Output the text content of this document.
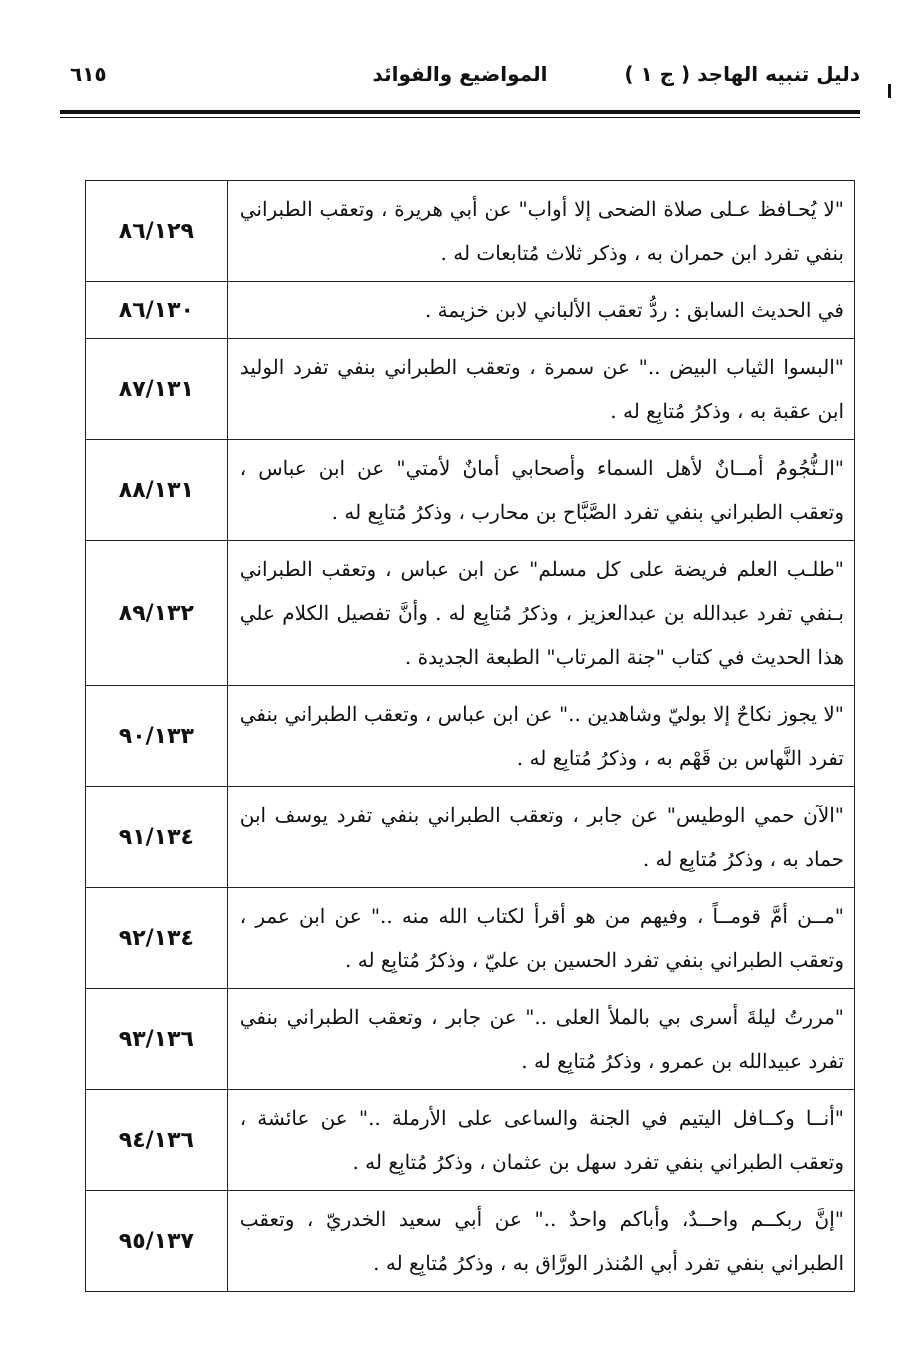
دليل تنبيه الهاجد ( ج ١ )
المواضيع والفوائد
٦١٥
"لا يُحـافظ عـلى صلاة الضحى إلا أواب" عن أبي هريرة ، وتعقب الطبراني بنفي تفرد ابن حمران به ، وذكر ثلاث مُتابعات له .	٨٦/١٢٩
في الحديث السابق : ردُّ تعقب الألباني لابن خزيمة .	٨٦/١٣٠
"البسوا الثياب البيض .." عن سمرة ، وتعقب الطبراني بنفي تفرد الوليد ابن عقبة به ، وذكرُ مُتابِع له .	٨٧/١٣١
"الـنُّجُومُ أمــانٌ لأهل السماء وأصحابي أمانٌ لأمتي" عن ابن عباس ، وتعقب الطبراني بنفي تفرد الصَّبَّاح بن محارب ، وذكرُ مُتابِع له .	٨٨/١٣١
"طلـب العلم فريضة على كل مسلم" عن ابن عباس ، وتعقب الطبراني بـنفي تفرد عبدالله بن عبدالعزيز ، وذكرُ مُتابِع له . وأنَّ تفصيل الكلام علي هذا الحديث في كتاب "جنة المرتاب" الطبعة الجديدة .	٨٩/١٣٢
"لا يجوز نكاحٌ إلا بوليّ وشاهدين .." عن ابن عباس ، وتعقب الطبراني بنفي تفرد النَّهاس بن قَهْم به ، وذكرُ مُتابِع له .	٩٠/١٣٣
"الآن حمي الوطيس" عن جابر ، وتعقب الطبراني بنفي تفرد يوسف ابن حماد به ، وذكرُ مُتابِع له .	٩١/١٣٤
"مــن أمَّ قومــاً ، وفيهم من هو أقرأ لكتاب الله منه .." عن ابن عمر ، وتعقب الطبراني بنفي تفرد الحسين بن عليّ ، وذكرُ مُتابِع له .	٩٢/١٣٤
"مررتُ ليلةَ أسرى بي بالملأ العلى .." عن جابر ، وتعقب الطبراني بنفي تفرد عبيدالله بن عمرو ، وذكرُ مُتابِع له .	٩٣/١٣٦
"أنــا وكــافل اليتيم في الجنة والساعى على الأرملة .." عن عائشة ، وتعقب الطبراني بنفي تفرد سهل بن عثمان ، وذكرُ مُتابِع له .	٩٤/١٣٦
"إنَّ ربكــم واحــدٌ، وأباكم واحدٌ .." عن أبي سعيد الخدريّ ، وتعقب الطبراني بنفي تفرد أبي المُنذر الورَّاق به ، وذكرُ مُتابِع له .	٩٥/١٣٧
